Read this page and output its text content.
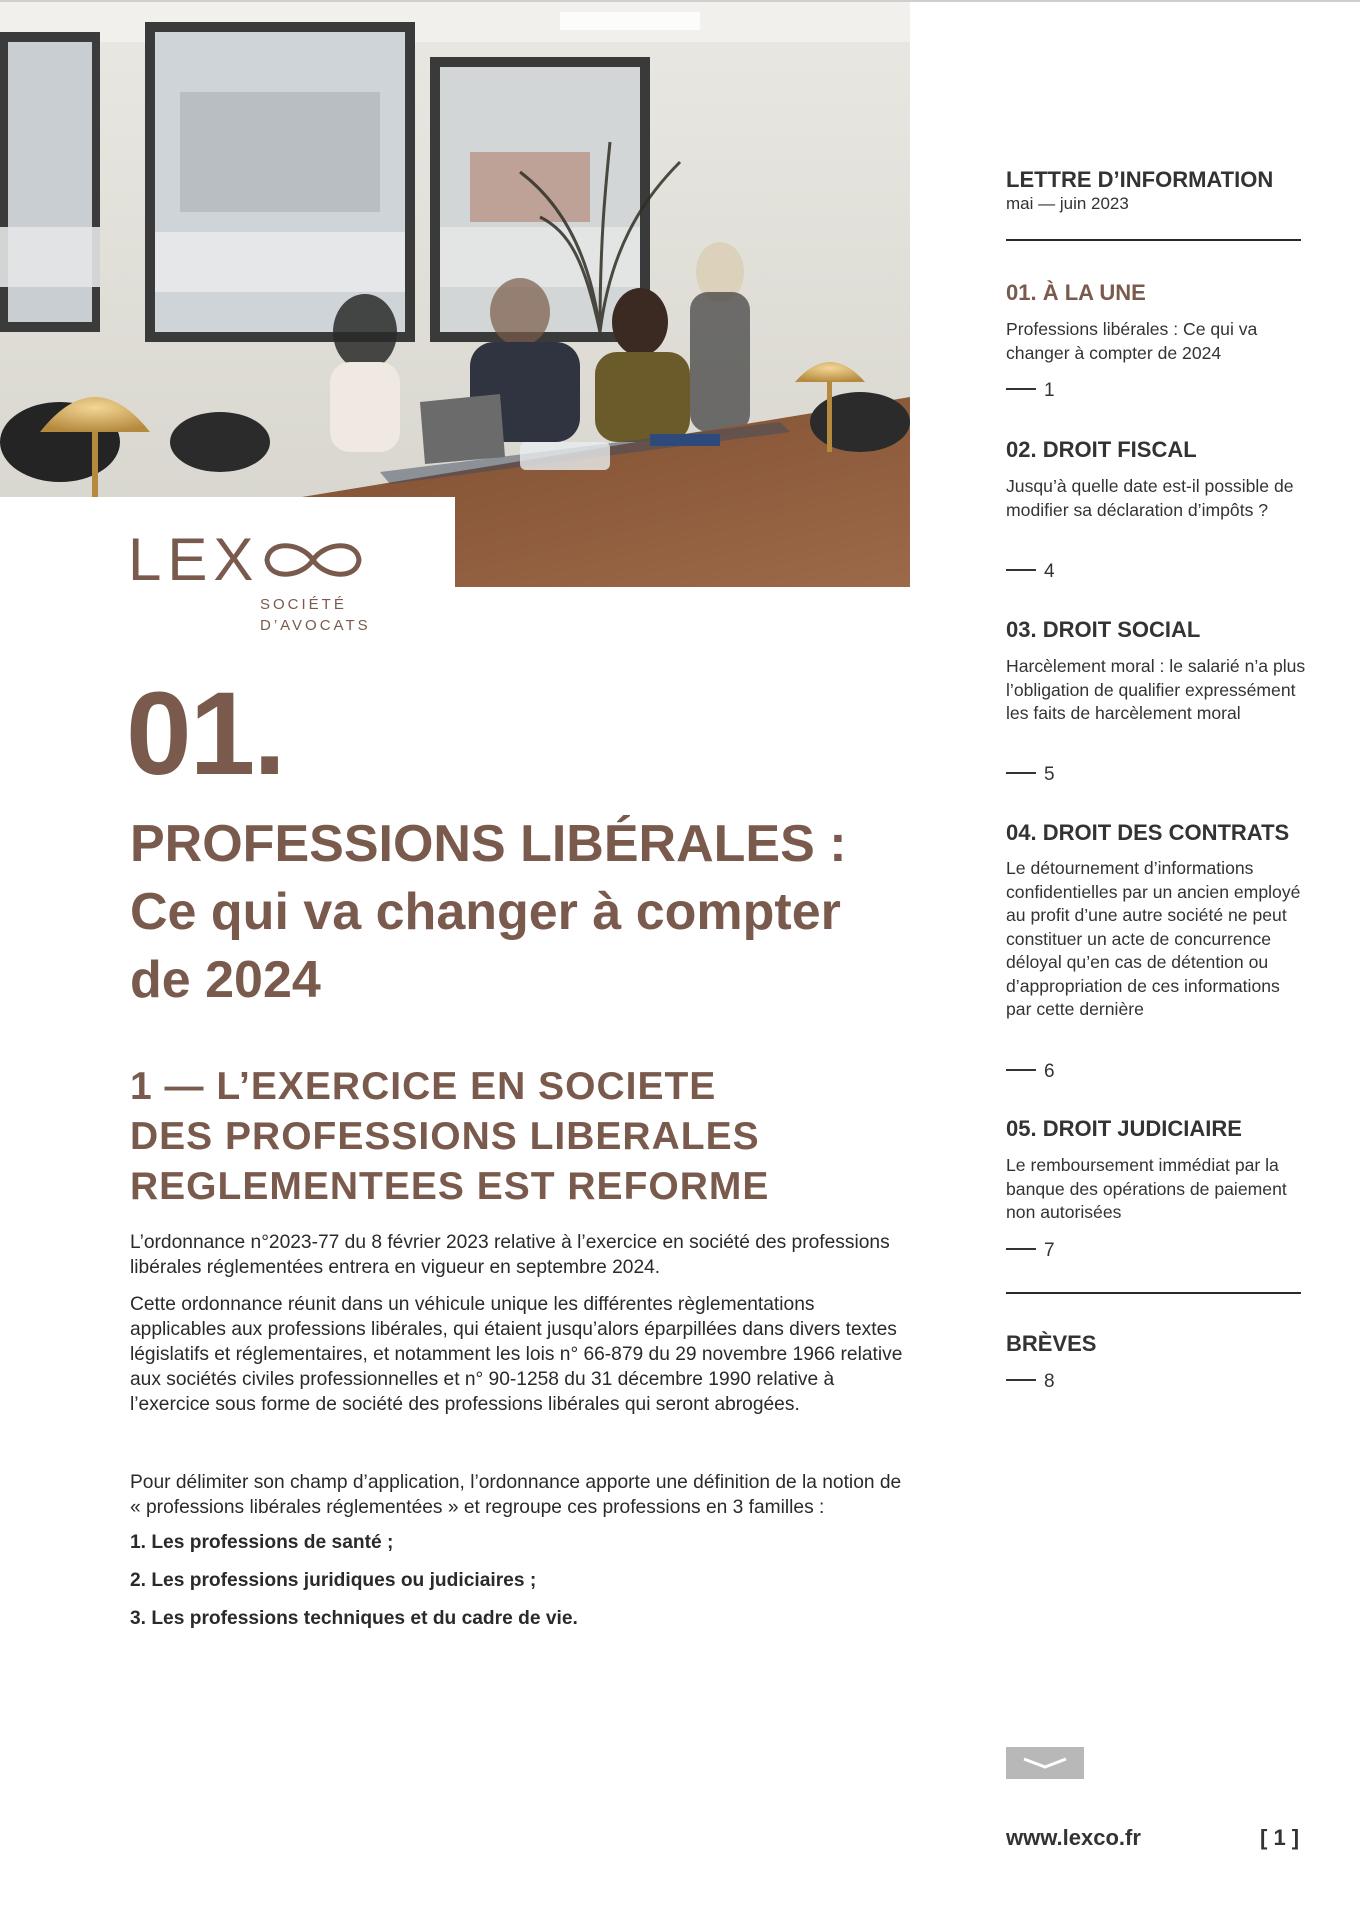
LEX
SOCIÉTÉ
D’AVOCATS
01.
PROFESSIONS LIBÉRALES :
Ce qui va changer à compter
de 2024
1 — L’EXERCICE EN SOCIETE
DES PROFESSIONS LIBERALES
REGLEMENTEES EST REFORME
L’ordonnance n°2023-77 du 8 février 2023 relative à l’exercice en société des professions libérales réglementées entrera en vigueur en septembre 2024.
Cette ordonnance réunit dans un véhicule unique les différentes règlementations applicables aux professions libérales, qui étaient jusqu’alors éparpillées dans divers textes législatifs et réglementaires, et notamment les lois n° 66-879 du 29 novembre 1966 relative aux sociétés civiles professionnelles et n° 90-1258 du 31 décembre 1990 relative à l’exercice sous forme de société des professions libérales qui seront abrogées.
Pour délimiter son champ d’application, l’ordonnance apporte une définition de la notion de « professions libérales réglementées » et regroupe ces professions en 3 familles :
1. Les professions de santé ;
2. Les professions juridiques ou judiciaires ;
3. Les professions techniques et du cadre de vie.
LETTRE D’INFORMATION
mai — juin 2023
01. À LA UNE
Professions libérales : Ce qui va changer à compter de 2024
1
02. DROIT FISCAL
Jusqu’à quelle date est-il possible de modifier sa déclaration d’impôts ?
4
03. DROIT SOCIAL
Harcèlement moral : le salarié n’a plus l’obligation de qualifier expressément les faits de harcèlement moral
5
04. DROIT DES CONTRATS
Le détournement d’informations confidentielles par un ancien employé au profit d’une autre société ne peut constituer un acte de concurrence déloyal qu’en cas de détention ou d’appropriation de ces informations par cette dernière
6
05. DROIT JUDICIAIRE
Le remboursement immédiat par la banque des opérations de paiement non autorisées
7
BRÈVES
8
www.lexco.fr	[ 1 ]
